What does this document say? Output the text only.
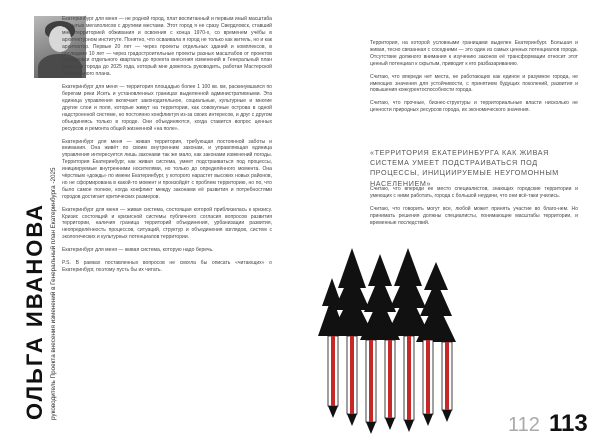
ОЛЬГА ИВАНОВА руководитель Проекта внесения изменений в Генеральный план Екатеринбурга -2025

Екатеринбург для меня — не родной город, плат воспитанный и первым иный масштаба открытых мегаполисов с другими местами. Этот город я не сразу Свердловск, ставший мне территорией обживания и освоения с конца 1970-х, со временем учёбы в архитектурном институте. Понятно, что осваивала я город не только как житель, но и как архитектор. Первые 20 лет — через проекты отдельных зданий и комплексов, в последние 10 лет — через градостроительные проекты разных масштабов от проектов планировки отдельного квартала до проекта внесения изменений в Генеральный план развития города до 2025 года, который мне довелось руководить, работая Мастерской Генерального плана.

Екатеринбург для меня — территория площадью более 1 100 кв. км, раскинувшаяся по берегам реки Исеть и установленных границах выделенной административными. Эта единица управления включает законодательное, социальные, культурные и многие другие слои и поля, которые живут на территории, как совокупные острова в одной надстроенной системе, но постоянно конфликтуя из-за своих интересов, и друг с другом объединяясь только в городе. Они объединяются, когда ставится вопрос ценных ресурсов и ремонта общей жизненной «на поле».

Екатеринбург для меня — живая территория, требующая постоянной заботы и внимания. Она живёт по своим внутренним законам, и управляющая единица управления интересуется лишь законами так же мало, как законами изменений погоды. Территория Екатеринбург, как живая система, умеет подстраиваться под процессы, инициируемые внутренними носителями, но только до определённого момента. Она чёрствым «дождь» по имени Екатеринбург, у которого нарастет высоких новых районов, но не сформирована в какой-то момент и произойдёт с проблем территорию, но по, что было самое полное, когда конфликт между законами её развития и потребностями городов достигает критических размеров.

Екатеринбург для меня — живая система, состоящая которой приблизилась к кризису. Кризис состоящий и кризисной системы публичного согласия вопросов развития территории, наличия граница территорий объединения, урбанизации развития, неопределённость процессов, ситуаций, структур и объединения взглядов, систем с экологических и культурных потенциалов территории.

Екатеринбург для меня — живая система, которую надо беречь.

P.S. В рамках поставленных вопросов не смогла бы описать «читающих» о Екатеринбург, поэтому пусть бы их читать.

Территория, на которой условными границами выделен Екатеринбург. Большая и живая, тесно связанная с соседними — это один из самых ценных потенциалов города. Отсутствие должного внимания к изучению законов её трансформации относит этот ценный потенциал к скрытым, приводит к его разбазариванию.

Считаю, что впереди нет места, не работающих как единое и разумное города, не имеющих значения для устойчивости, с принятием будущих поколений, развития и повышения конкурентоспособности города.

Считаю, что прочные, бизнес-структуры и территориальные власти нисколько не ценности природных ресурсов города, их экономического значения.

«ТЕРРИТОРИЯ ЕКАТЕРИНБУРГА КАК ЖИВАЯ СИСТЕМА УМЕЕТ ПОДСТРАИВАТЬСЯ ПОД ПРОЦЕССЫ, ИНИЦИИРУЕМЫЕ НЕУГОМОННЫМ НАСЕЛЕНИЕМ»

Считаю, что впереди ее место специалистов, знающих городские территории и умеющих с ними работать, города с большой неудачи, что они всё-таки учились.

Считаю, что говорить могут все, любой может принять участие во благо-нем. Но принимать решения должны специалисты, понимающие масштабы территории, и временные последствий.

112 113
